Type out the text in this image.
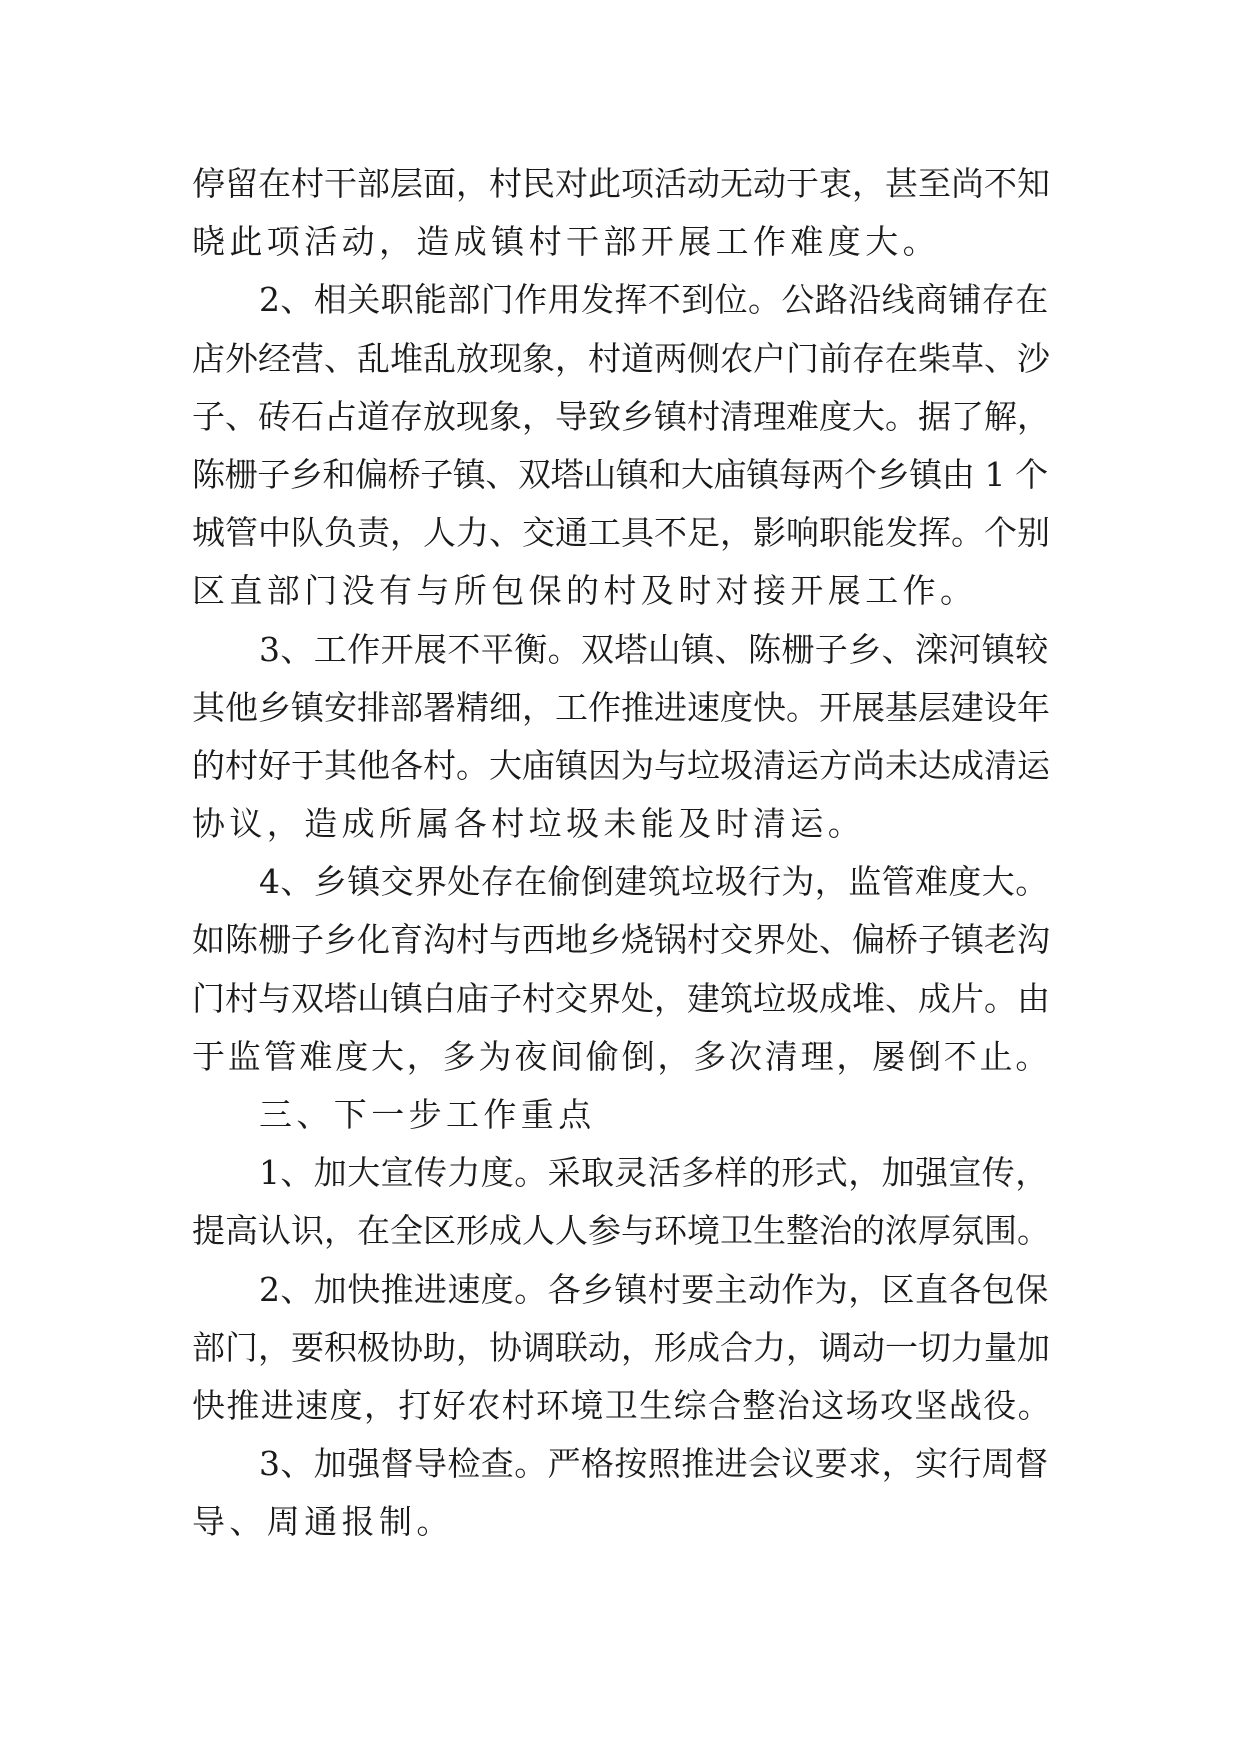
停留在村干部层面，村民对此项活动无动于衷，甚至尚不知
晓此项活动，造成镇村干部开展工作难度大。
2、相关职能部门作用发挥不到位。公路沿线商铺存在
店外经营、乱堆乱放现象，村道两侧农户门前存在柴草、沙
子、砖石占道存放现象，导致乡镇村清理难度大。据了解，
陈栅子乡和偏桥子镇、双塔山镇和大庙镇每两个乡镇由 1 个
城管中队负责，人力、交通工具不足，影响职能发挥。个别
区直部门没有与所包保的村及时对接开展工作。
3、工作开展不平衡。双塔山镇、陈栅子乡、滦河镇较
其他乡镇安排部署精细，工作推进速度快。开展基层建设年
的村好于其他各村。大庙镇因为与垃圾清运方尚未达成清运
协议，造成所属各村垃圾未能及时清运。
4、乡镇交界处存在偷倒建筑垃圾行为，监管难度大。
如陈栅子乡化育沟村与西地乡烧锅村交界处、偏桥子镇老沟
门村与双塔山镇白庙子村交界处，建筑垃圾成堆、成片。由
于监管难度大，多为夜间偷倒，多次清理，屡倒不止。
三、下一步工作重点
1、加大宣传力度。采取灵活多样的形式，加强宣传，
提高认识，在全区形成人人参与环境卫生整治的浓厚氛围。
2、加快推进速度。各乡镇村要主动作为，区直各包保
部门，要积极协助，协调联动，形成合力，调动一切力量加
快推进速度，打好农村环境卫生综合整治这场攻坚战役。
3、加强督导检查。严格按照推进会议要求，实行周督
导、周通报制。
